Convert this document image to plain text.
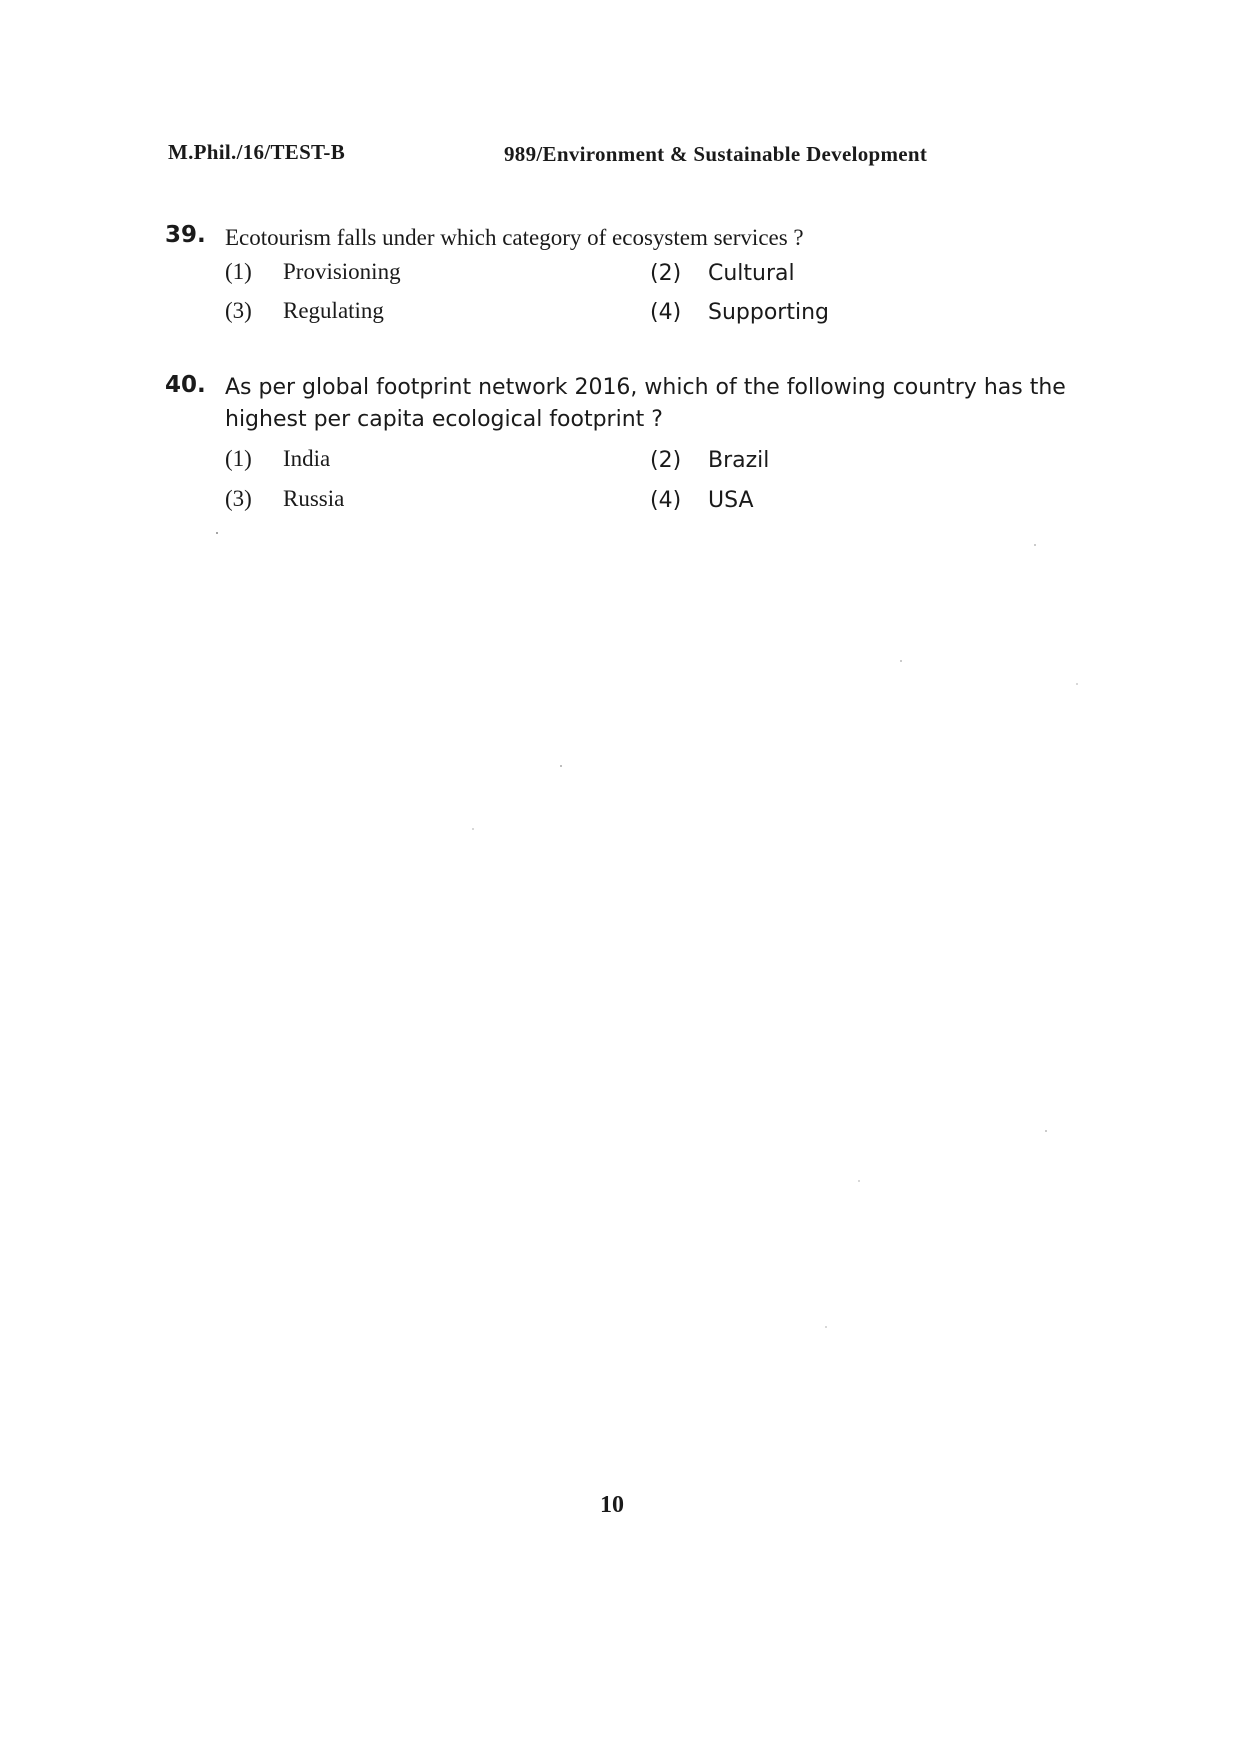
M.Phil./16/TEST-B	989/Environment & Sustainable Development
39. Ecotourism falls under which category of ecosystem services ?
(1) Provisioning	(2) Cultural
(3) Regulating	(4) Supporting
40. As per global footprint network 2016, which of the following country has the highest per capita ecological footprint ?
(1) India	(2) Brazil
(3) Russia	(4) USA
10
